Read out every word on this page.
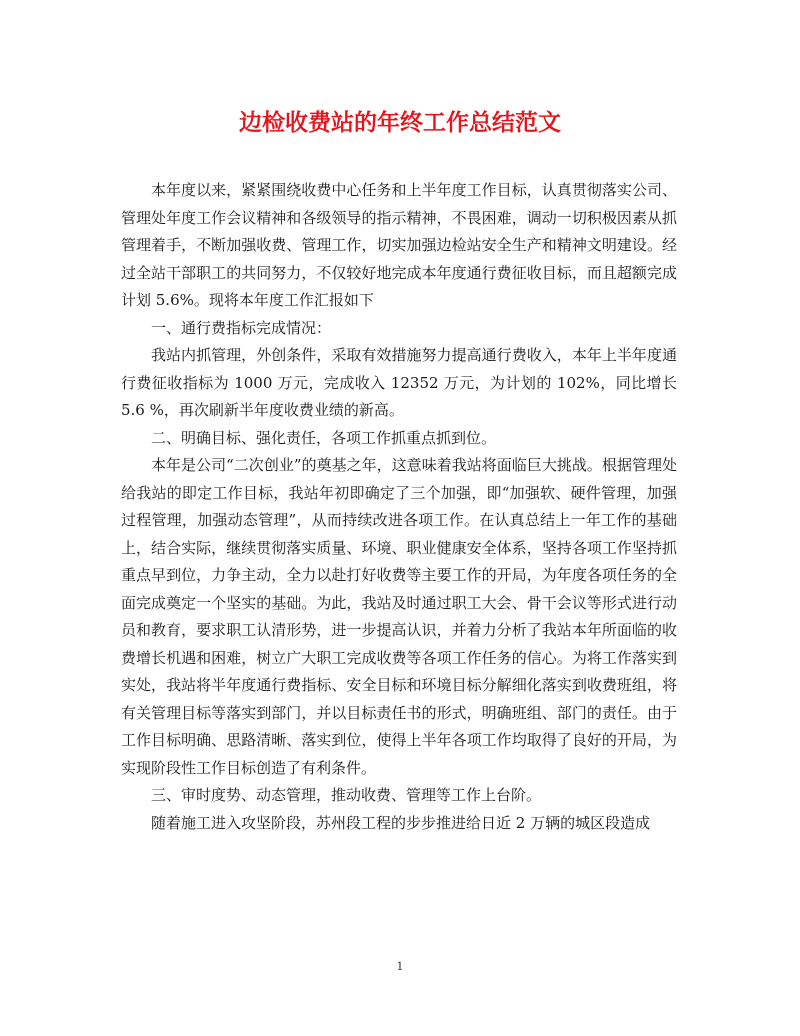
边检收费站的年终工作总结范文

本年度以来，紧紧围绕收费中心任务和上半年度工作目标，认真贯彻落实公司、管理处年度工作会议精神和各级领导的指示精神，不畏困难，调动一切积极因素从抓管理着手，不断加强收费、管理工作，切实加强边检站安全生产和精神文明建设。经过全站干部职工的共同努力，不仅较好地完成本年度通行费征收目标，而且超额完成计划 5.6%。现将本年度工作汇报如下

一、通行费指标完成情况：

我站内抓管理，外创条件，采取有效措施努力提高通行费收入，本年上半年度通行费征收指标为 1000 万元，完成收入 12352 万元，为计划的 102%，同比增长 5.6 %，再次刷新半年度收费业绩的新高。

二、明确目标、强化责任，各项工作抓重点抓到位。

本年是公司“二次创业”的奠基之年，这意味着我站将面临巨大挑战。根据管理处给我站的即定工作目标，我站年初即确定了三个加强，即“加强软、硬件管理，加强过程管理，加强动态管理”，从而持续改进各项工作。在认真总结上一年工作的基础上，结合实际，继续贯彻落实质量、环境、职业健康安全体系，坚持各项工作坚持抓重点早到位，力争主动，全力以赴打好收费等主要工作的开局，为年度各项任务的全面完成奠定一个坚实的基础。为此，我站及时通过职工大会、骨干会议等形式进行动员和教育，要求职工认清形势，进一步提高认识，并着力分析了我站本年所面临的收费增长机遇和困难，树立广大职工完成收费等各项工作任务的信心。为将工作落实到实处，我站将半年度通行费指标、安全目标和环境目标分解细化落实到收费班组，将有关管理目标等落实到部门，并以目标责任书的形式，明确班组、部门的责任。由于工作目标明确、思路清晰、落实到位，使得上半年各项工作均取得了良好的开局，为实现阶段性工作目标创造了有利条件。

三、审时度势、动态管理，推动收费、管理等工作上台阶。

随着施工进入攻坚阶段，苏州段工程的步步推进给日近 2 万辆的城区段造成

1
